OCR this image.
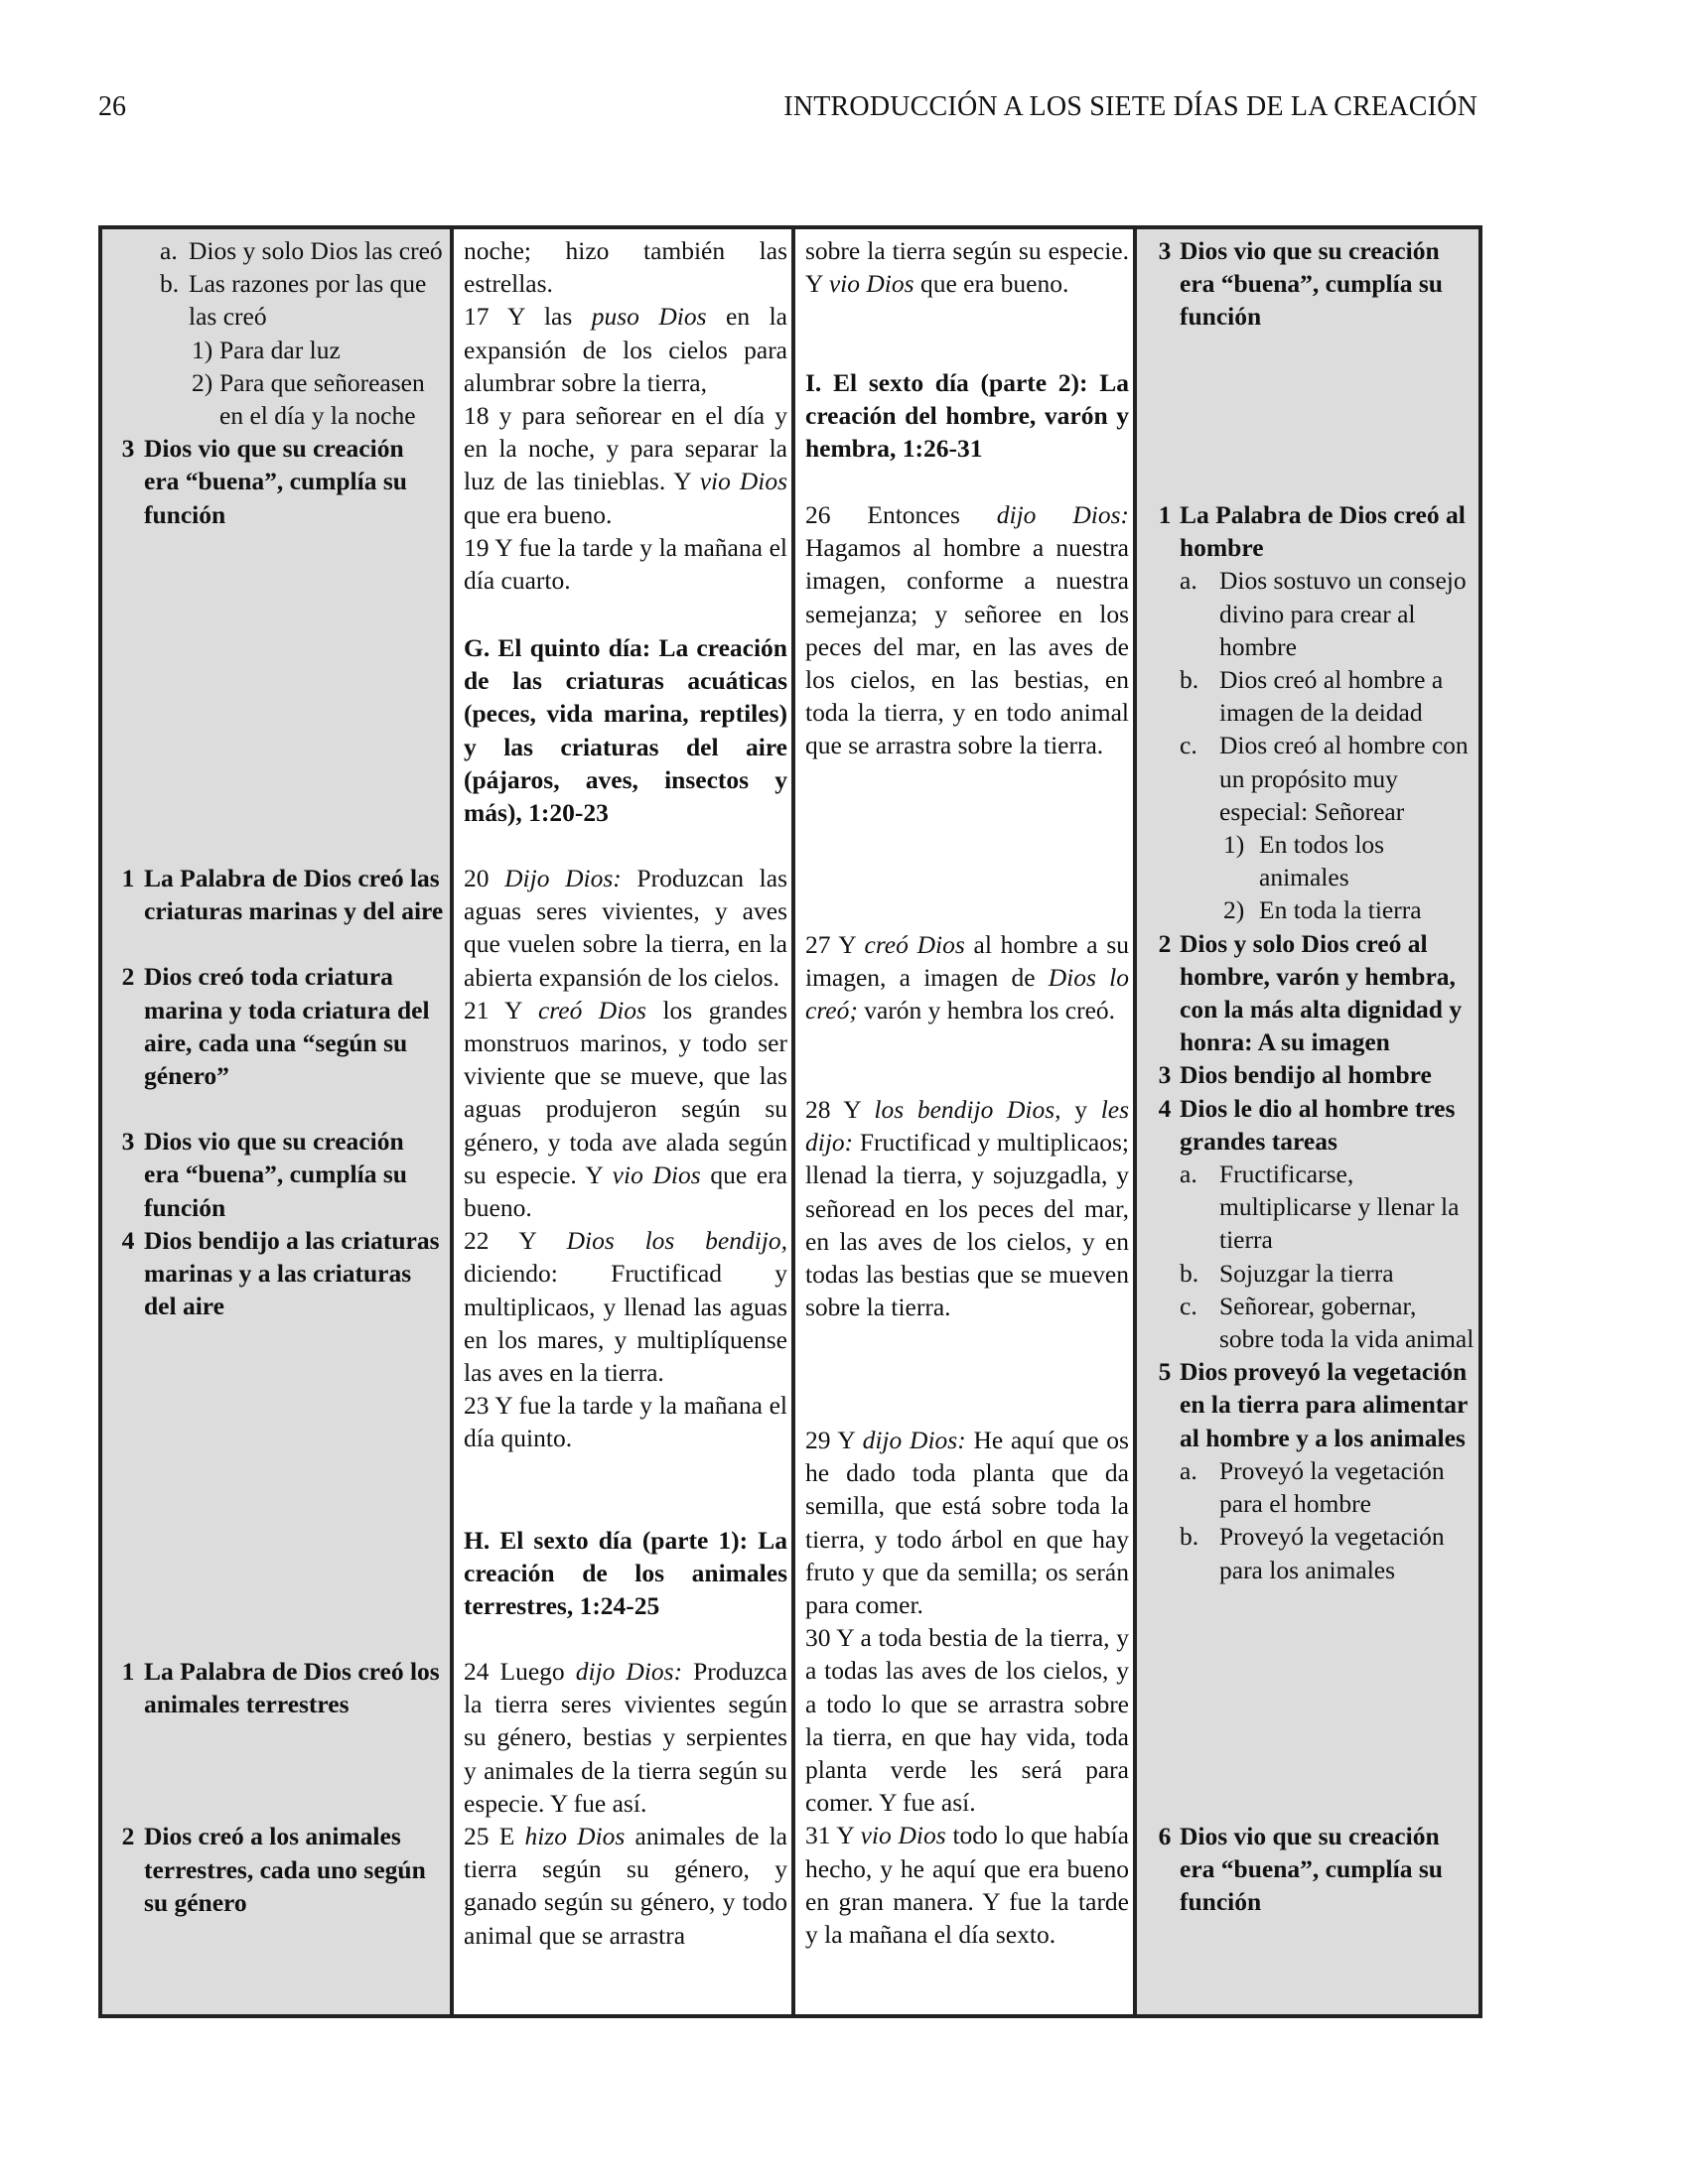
26	INTRODUCCIÓN A LOS SIETE DÍAS DE LA CREACIÓN
a. Dios y solo Dios las creó
b. Las razones por las que las creó
1) Para dar luz
2) Para que señoreasen en el día y la noche
3 Dios vio que su creación era “buena”, cumplía su función
1 La Palabra de Dios creó las criaturas marinas y del aire
2 Dios creó toda criatura marina y toda criatura del aire, cada una “según su género”
3 Dios vio que su creación era “buena”, cumplía su función
4 Dios bendijo a las criaturas marinas y a las criaturas del aire
1 La Palabra de Dios creó los animales terrestres
2 Dios creó a los animales terrestres, cada uno según su género
noche; hizo también las estrellas.
17 Y las puso Dios en la expansión de los cielos para alumbrar sobre la tierra,
18 y para señorear en el día y en la noche, y para separar la luz de las tinieblas. Y vio Dios que era bueno.
19 Y fue la tarde y la mañana el día cuarto.
G. El quinto día: La creación de las criaturas acuáticas (peces, vida marina, reptiles) y las criaturas del aire (pájaros, aves, insectos y más), 1:20-23
20 Dijo Dios: Produzcan las aguas seres vivientes, y aves que vuelen sobre la tierra, en la abierta expansión de los cielos.
21 Y creó Dios los grandes monstruos marinos, y todo ser viviente que se mueve, que las aguas produjeron según su género, y toda ave alada según su especie. Y vio Dios que era bueno.
22 Y Dios los bendijo, diciendo: Fructificad y multiplicaos, y llenad las aguas en los mares, y multiplíquense las aves en la tierra.
23 Y fue la tarde y la mañana el día quinto.
H. El sexto día (parte 1): La creación de los animales terrestres, 1:24-25
24 Luego dijo Dios: Produzca la tierra seres vivientes según su género, bestias y serpientes y animales de la tierra según su especie. Y fue así.
25 E hizo Dios animales de la tierra según su género, y ganado según su género, y todo animal que se arrastra
sobre la tierra según su especie. Y vio Dios que era bueno.
I. El sexto día (parte 2): La creación del hombre, varón y hembra, 1:26-31
26 Entonces dijo Dios: Hagamos al hombre a nuestra imagen, conforme a nuestra semejanza; y señoree en los peces del mar, en las aves de los cielos, en las bestias, en toda la tierra, y en todo animal que se arrastra sobre la tierra.
27 Y creó Dios al hombre a su imagen, a imagen de Dios lo creó; varón y hembra los creó.
28 Y los bendijo Dios, y les dijo: Fructificad y multiplicaos; llenad la tierra, y sojuzgadla, y señoread en los peces del mar, en las aves de los cielos, y en todas las bestias que se mueven sobre la tierra.
29 Y dijo Dios: He aquí que os he dado toda planta que da semilla, que está sobre toda la tierra, y todo árbol en que hay fruto y que da semilla; os serán para comer.
30 Y a toda bestia de la tierra, y a todas las aves de los cielos, y a todo lo que se arrastra sobre la tierra, en que hay vida, toda planta verde les será para comer. Y fue así.
31 Y vio Dios todo lo que había hecho, y he aquí que era bueno en gran manera. Y fue la tarde y la mañana el día sexto.
3 Dios vio que su creación era “buena”, cumplía su función
1 La Palabra de Dios creó al hombre
a. Dios sostuvo un consejo divino para crear al hombre
b. Dios creó al hombre a imagen de la deidad
c. Dios creó al hombre con un propósito muy especial: Señorear
1) En todos los animales
2) En toda la tierra
2 Dios y solo Dios creó al hombre, varón y hembra, con la más alta dignidad y honra: A su imagen
3 Dios bendijo al hombre
4 Dios le dio al hombre tres grandes tareas
a. Fructificarse, multiplicarse y llenar la tierra
b. Sojuzgar la tierra
c. Señorear, gobernar, sobre toda la vida animal
5 Dios proveyó la vegetación en la tierra para alimentar al hombre y a los animales
a. Proveyó la vegetación para el hombre
b. Proveyó la vegetación para los animales
6 Dios vio que su creación era “buena”, cumplía su función
